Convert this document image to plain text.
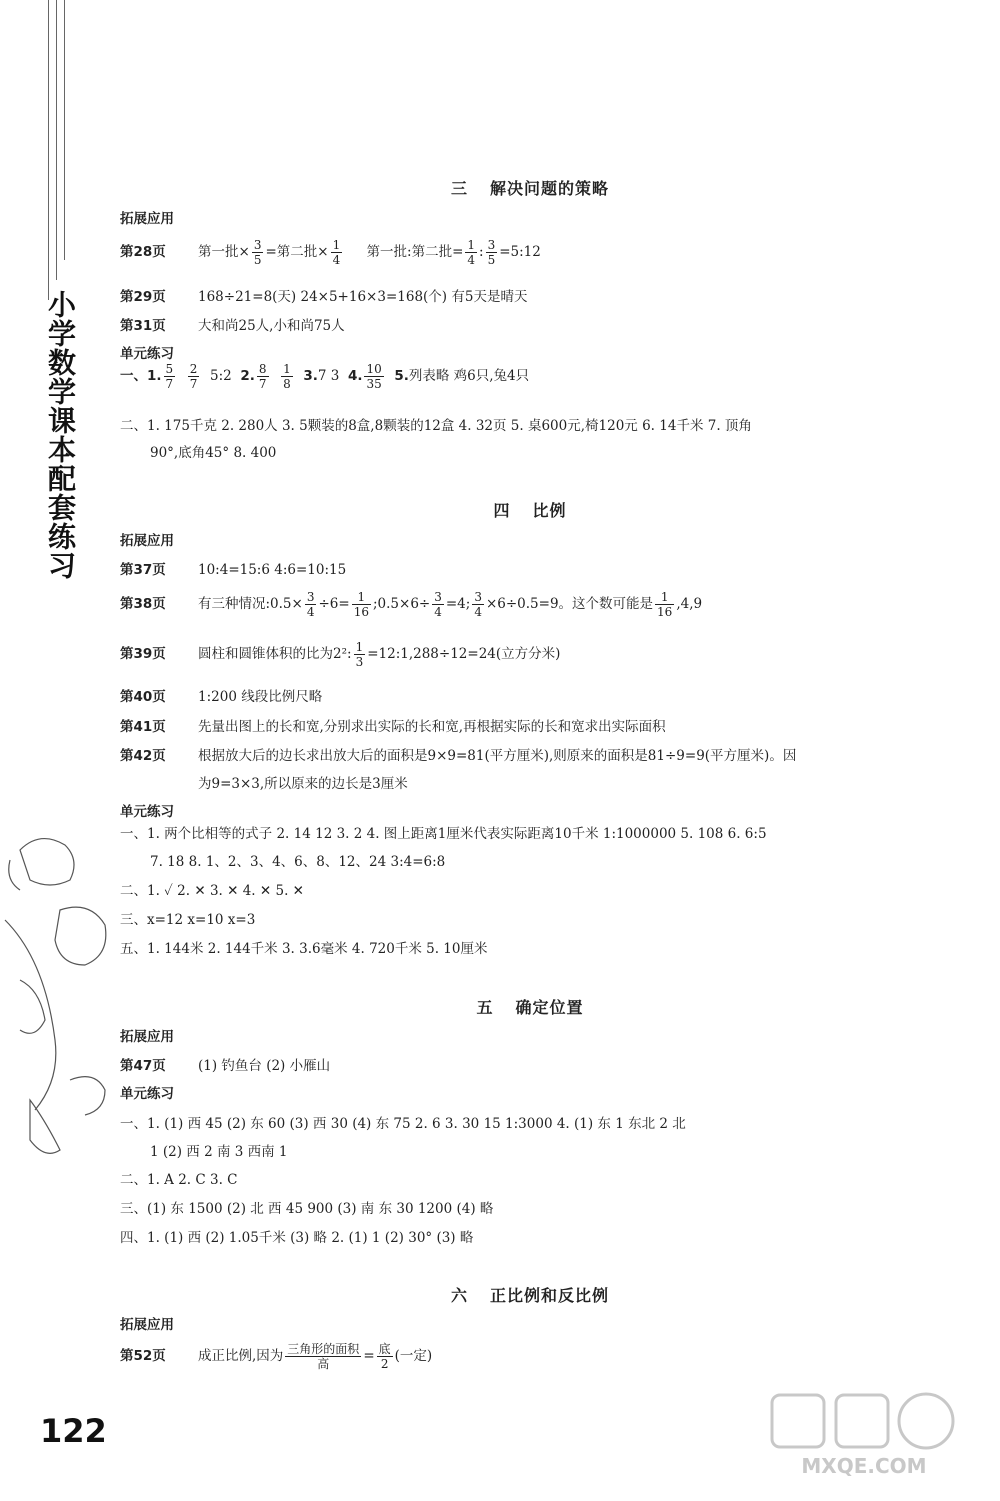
小学数学课本配套练习
三 解决问题的策略
拓展应用
第28页 第一批× $\frac{3}{5}$ =第二批× $\frac{1}{4}$ 第一批:第二批= $\frac{1}{4}$ : $\frac{3}{5}$ =5:12
第29页 168÷21=8(天) 24×5+16×3=168(个) 有5天是晴天
第31页 大和尚25人,小和尚75人
单元练习
一、1. $\frac{5}{7}$
$\frac{2}{7}$ 5:2 2. $\frac{8}{7}$
$\frac{1}{8} 3.7$ 3 4. $\frac{10}{35} 5$.列表略 鸡6只,兔4只
二、1. 175千克 2. 280人 3. 5颗装的8盒,8颗装的12盒 4. 32页 5. 桌600元,椅120元 6. 14千米 7. 顶角
90°,底角45° 8. 400
四 比例
拓展应用
第37页 10:4=15:6 4:6=10:15
第38页 有三种情况:0.5× $\frac{3}{4} \div 6= \frac{1}{16}$ ;0.5×6÷ $\frac{3}{4} =4$; $\frac{3}{4} \times 6\div 0.5=9$。这个数可能是 $\frac{1}{16} ,4,9$
第39页 圆柱和圆锥体积的比为2²: $\frac{1}{3}$ =12:1,288÷12=24(立方分米)
第40页 1:200 线段比例尺略
第41页 先量出图上的长和宽,分别求出实际的长和宽,再根据实际的长和宽求出实际面积
第42页 根据放大后的边长求出放大后的面积是9×9=81(平方厘米),则原来的面积是81÷9=9(平方厘米)。因
为9=3×3,所以原来的边长是3厘米
单元练习
一、1. 两个比相等的式子 2. 14 12 3. 2 4. 图上距离1厘米代表实际距离10千米 1:1000000 5. 108 6. 6:5
7. 18 8. 1、2、3、4、6、8、12、24 3:4=6:8
二、1. ✓ 2. ✕ 3. ✕ 4. ✕ 5. ✕
三、x=12 x=10 x=3
五、1. 144米 2. 144千米 3. 3.6毫米 4. 720千米 5. 10厘米
五 确定位置
拓展应用
第47页 (1) 钓鱼台 (2) 小雁山
单元练习
一、1. (1) 西 45 (2) 东 60 (3) 西 30 (4) 东 75 2. 6 3. 30 15 1:3000 4. (1) 东 1 东北 2 北
1 (2) 西 2 南 3 西南 1
二、1. A 2. C 3. C
三、(1) 东 1500 (2) 北 西 45 900 (3) 南 东 30 1200 (4) 略
四、1. (1) 西 (2) 1.05千米 (3) 略 2. (1) 1 (2) 30° (3) 略
六 正比例和反比例
拓展应用
第52页 成正比例,因为 $\frac{\text{三角形的面积}}{\text{高}} = \frac{\text{底}}{2}$ (一定)
122
MXQE.COM
